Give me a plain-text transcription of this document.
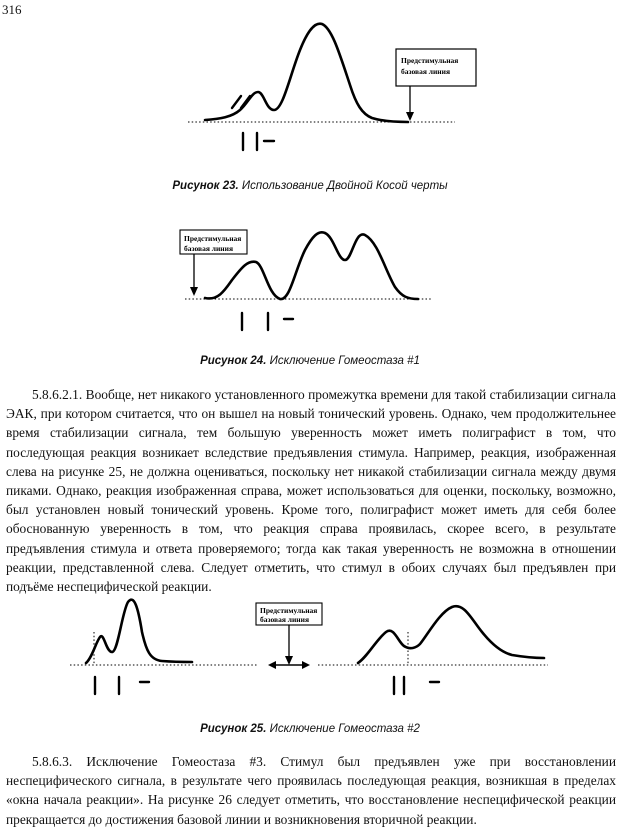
316
Предстимульная
базовая линия
Рисунок 23. Использование Двойной Косой черты
Предстимульная
базовая линия
Рисунок 24. Исключение Гомеостаза #1

5.8.6.2.1. Вообще, нет никакого установленного промежутка времени для такой стабилизации сигнала ЭАК, при котором считается, что он вышел на новый тонический уровень. Однако, чем продолжительнее время стабилизации сигнала, тем большую уверенность может иметь полиграфист в том, что последующая реакция возникает вследствие предъявления стимула. Например, реакция, изображенная слева на рисунке 25, не должна оцениваться, поскольку нет никакой стабилизации сигнала между двумя пиками. Однако, реакция изображенная справа, может использоваться для оценки, поскольку, возможно, был установлен новый тонический уровень. Кроме того, полиграфист может иметь для себя более обоснованную уверенность в том, что реакция справа проявилась, скорее всего, в результате предъявления стимула и ответа проверяемого; тогда как такая уверенность не возможна в отношении реакции, представленной слева. Следует отметить, что стимул в обоих случаях был предъявлен при подъёме неспецифической реакции.

Предстимульная
базовая линия
Рисунок 25. Исключение Гомеостаза #2

5.8.6.3. Исключение Гомеостаза #3. Стимул был предъявлен уже при восстановлении неспецифического сигнала, в результате чего проявилась последующая реакция, возникшая в пределах «окна начала реакции». На рисунке 26 следует отметить, что восстановление неспецифической реакции прекращается до достижения базовой линии и возникновения вторичной реакции.
